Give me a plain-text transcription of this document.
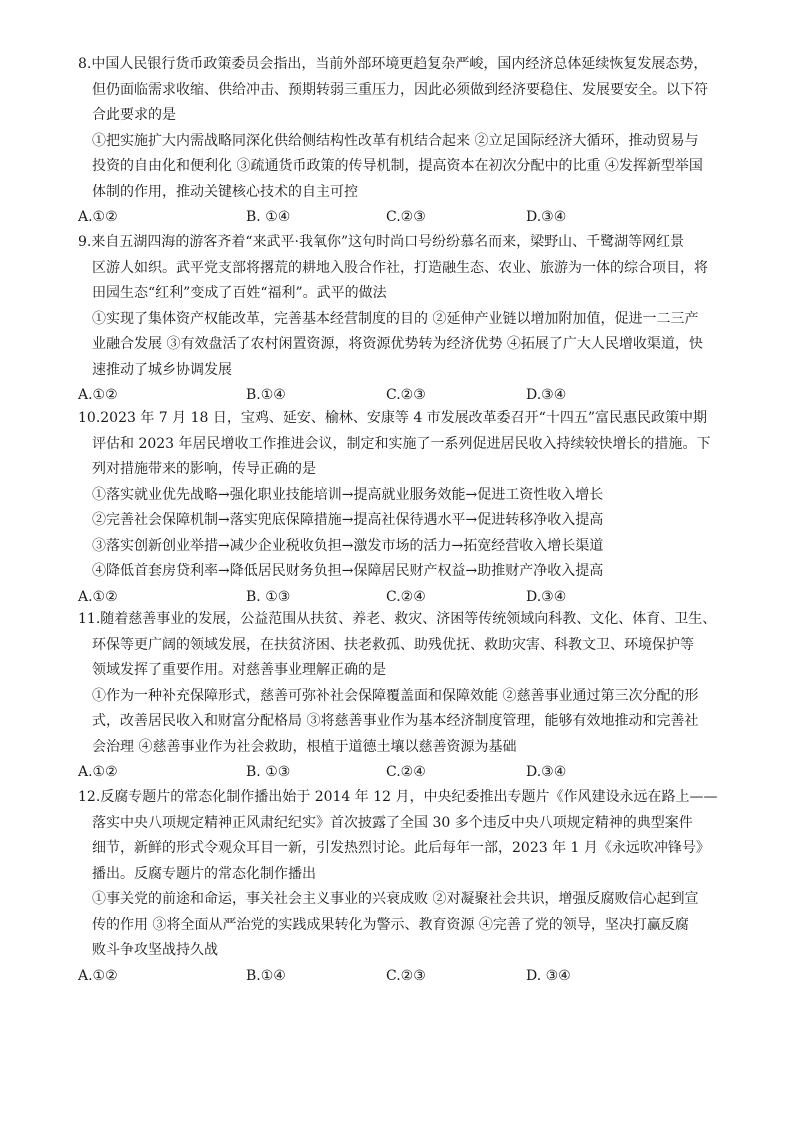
8.中国人民银行货币政策委员会指出，当前外部环境更趋复杂严峻，国内经济总体延续恢复发展态势，
但仍面临需求收缩、供给冲击、预期转弱三重压力，因此必须做到经济要稳住、发展要安全。以下符
合此要求的是
①把实施扩大内需战略同深化供给侧结构性改革有机结合起来 ②立足国际经济大循环，推动贸易与
投资的自由化和便利化 ③疏通货币政策的传导机制，提高资本在初次分配中的比重 ④发挥新型举国
体制的作用，推动关键核心技术的自主可控
A.①②	B. ①④	C.②③	D.③④
9.来自五湖四海的游客齐着“来武平·我氧你”这句时尚口号纷纷慕名而来，梁野山、千鹭湖等网红景
区游人如织。武平党支部将撂荒的耕地入股合作社，打造融生态、农业、旅游为一体的综合项目，将
田园生态“红利”变成了百姓“福利”。武平的做法
①实现了集体资产权能改革，完善基本经营制度的目的 ②延伸产业链以增加附加值，促进一二三产
业融合发展 ③有效盘活了农村闲置资源，将资源优势转为经济优势 ④拓展了广大人民增收渠道，快
速推动了城乡协调发展
A.①②	B.①④	C.②③	D.③④
10.2023 年 7 月 18 日，宝鸡、延安、榆林、安康等 4 市发展改革委召开“十四五”富民惠民政策中期
评估和 2023 年居民增收工作推进会议，制定和实施了一系列促进居民收入持续较快增长的措施。下
列对措施带来的影响，传导正确的是
①落实就业优先战略→强化职业技能培训→提高就业服务效能→促进工资性收入增长
②完善社会保障机制→落实兜底保障措施→提高社保待遇水平→促进转移净收入提高
③落实创新创业举措→减少企业税收负担→激发市场的活力→拓宽经营收入增长渠道
④降低首套房贷利率→降低居民财务负担→保障居民财产权益→助推财产净收入提高
A.①②	B. ①③	C.②④	D.③④
11.随着慈善事业的发展，公益范围从扶贫、养老、救灾、济困等传统领域向科教、文化、体育、卫生、
环保等更广阔的领域发展，在扶贫济困、扶老救孤、助残优抚、救助灾害、科教文卫、环境保护等
领域发挥了重要作用。对慈善事业理解正确的是
①作为一种补充保障形式，慈善可弥补社会保障覆盖面和保障效能 ②慈善事业通过第三次分配的形
式，改善居民收入和财富分配格局 ③将慈善事业作为基本经济制度管理，能够有效地推动和完善社
会治理 ④慈善事业作为社会救助，根植于道德土壤以慈善资源为基础
A.①②	B. ①③	C.②④	D.③④
12.反腐专题片的常态化制作播出始于 2014 年 12 月，中央纪委推出专题片《作风建设永远在路上——
落实中央八项规定精神正风肃纪纪实》首次披露了全国 30 多个违反中央八项规定精神的典型案件
细节，新鲜的形式令观众耳目一新，引发热烈讨论。此后每年一部，2023 年 1 月《永远吹冲锋号》
播出。反腐专题片的常态化制作播出
①事关党的前途和命运，事关社会主义事业的兴衰成败 ②对凝聚社会共识，增强反腐败信心起到宣
传的作用 ③将全面从严治党的实践成果转化为警示、教育资源 ④完善了党的领导，坚决打赢反腐
败斗争攻坚战持久战
A.①②	B.①④	C.②③	D. ③④
